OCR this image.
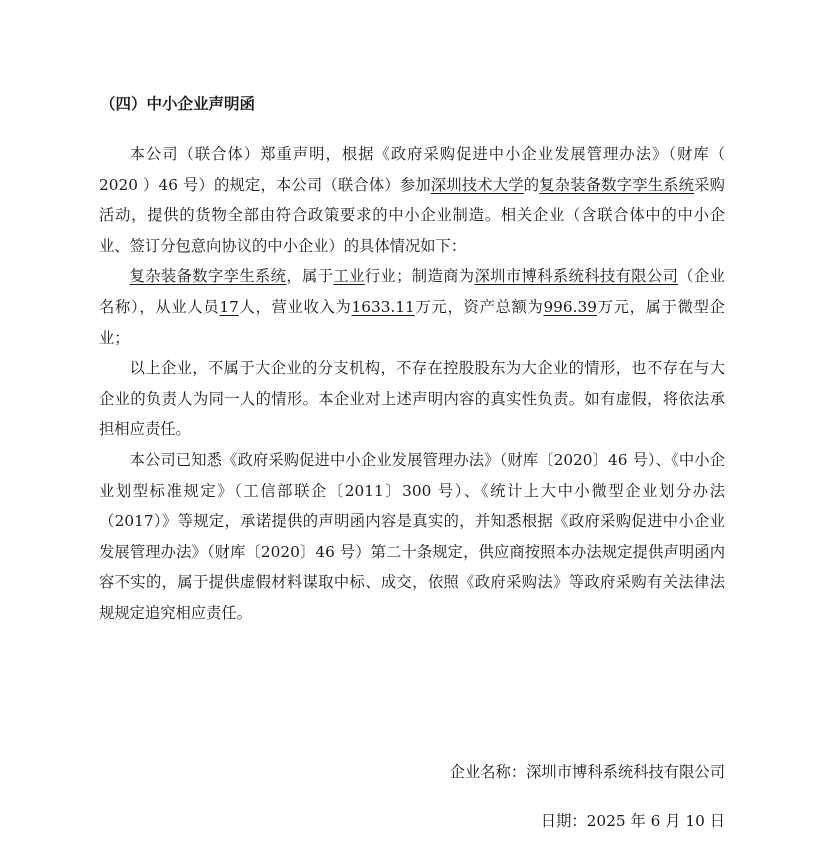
（四）中小企业声明函

本公司（联合体）郑重声明，根据《政府采购促进中小企业发展管理办法》（财库（ 2020 ）46 号）的规定，本公司（联合体）参加深圳技术大学的复杂装备数字孪生系统采购活动，提供的货物全部由符合政策要求的中小企业制造。相关企业（含联合体中的中小企业、签订分包意向协议的中小企业）的具体情况如下：

复杂装备数字孪生系统，属于工业行业；制造商为深圳市博科系统科技有限公司（企业名称），从业人员17人，营业收入为1633.11万元，资产总额为996.39万元，属于微型企业；

以上企业，不属于大企业的分支机构，不存在控股股东为大企业的情形，也不存在与大企业的负责人为同一人的情形。本企业对上述声明内容的真实性负责。如有虚假，将依法承担相应责任。

本公司已知悉《政府采购促进中小企业发展管理办法》（财库〔2020〕46 号）、《中小企业划型标准规定》（工信部联企〔2011〕300 号）、《统计上大中小微型企业划分办法（2017）》等规定，承诺提供的声明函内容是真实的，并知悉根据《政府采购促进中小企业发展管理办法》（财库〔2020〕46 号）第二十条规定，供应商按照本办法规定提供声明函内容不实的，属于提供虚假材料谋取中标、成交，依照《政府采购法》等政府采购有关法律法规规定追究相应责任。

企业名称：深圳市博科系统科技有限公司
日期：2025 年 6 月 10 日
